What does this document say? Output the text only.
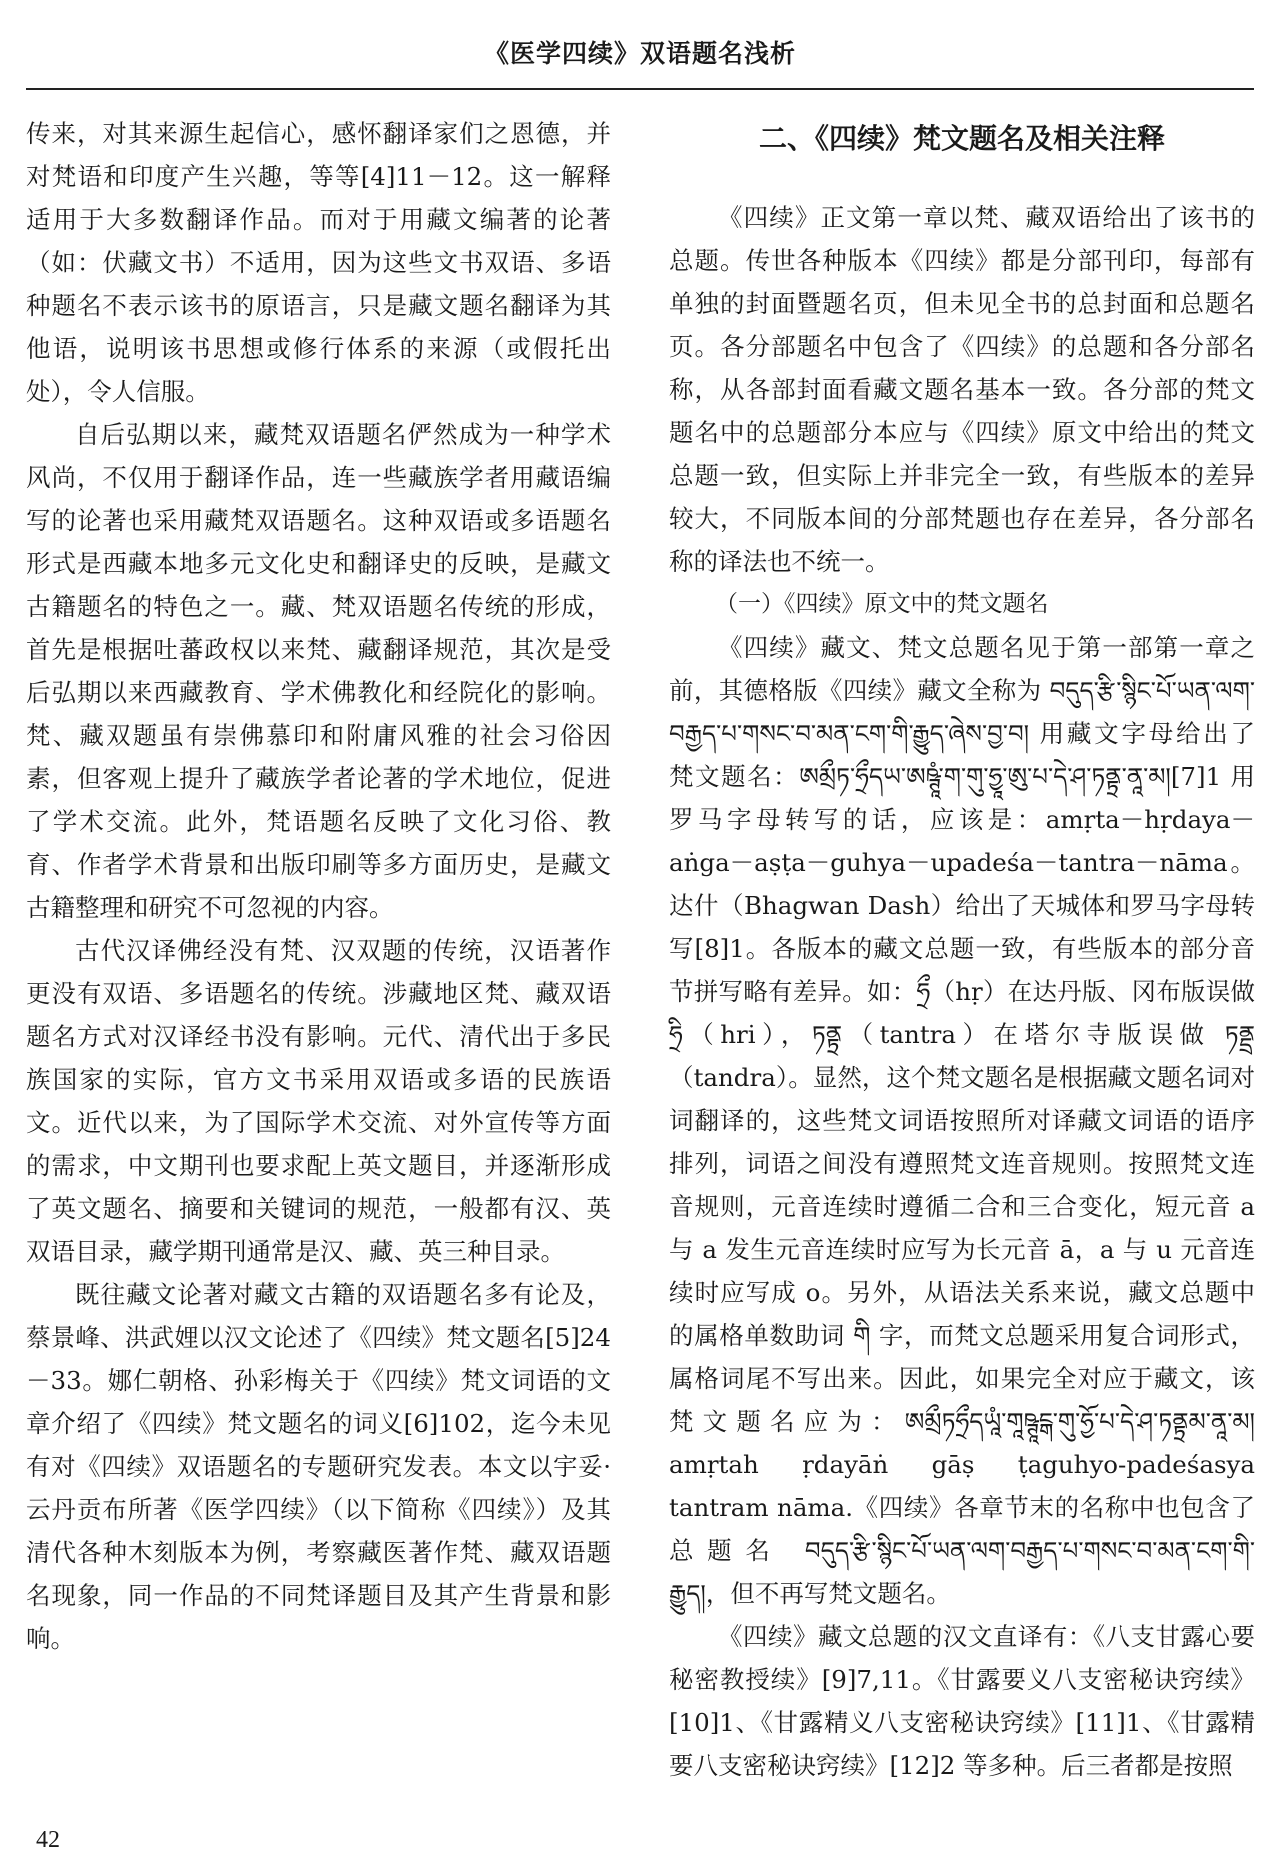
《医学四续》双语题名浅析

传来，对其来源生起信心，感怀翻译家们之恩德，并对梵语和印度产生兴趣，等等[4]11－12。这一解释适用于大多数翻译作品。而对于用藏文编著的论著（如：伏藏文书）不适用，因为这些文书双语、多语种题名不表示该书的原语言，只是藏文题名翻译为其他语，说明该书思想或修行体系的来源（或假托出处），令人信服。

自后弘期以来，藏梵双语题名俨然成为一种学术风尚，不仅用于翻译作品，连一些藏族学者用藏语编写的论著也采用藏梵双语题名。这种双语或多语题名形式是西藏本地多元文化史和翻译史的反映，是藏文古籍题名的特色之一。藏、梵双语题名传统的形成，首先是根据吐蕃政权以来梵、藏翻译规范，其次是受后弘期以来西藏教育、学术佛教化和经院化的影响。梵、藏双题虽有崇佛慕印和附庸风雅的社会习俗因素，但客观上提升了藏族学者论著的学术地位，促进了学术交流。此外，梵语题名反映了文化习俗、教育、作者学术背景和出版印刷等多方面历史，是藏文古籍整理和研究不可忽视的内容。

古代汉译佛经没有梵、汉双题的传统，汉语著作更没有双语、多语题名的传统。涉藏地区梵、藏双语题名方式对汉译经书没有影响。元代、清代出于多民族国家的实际，官方文书采用双语或多语的民族语文。近代以来，为了国际学术交流、对外宣传等方面的需求，中文期刊也要求配上英文题目，并逐渐形成了英文题名、摘要和关键词的规范，一般都有汉、英双语目录，藏学期刊通常是汉、藏、英三种目录。

既往藏文论著对藏文古籍的双语题名多有论及，蔡景峰、洪武娌以汉文论述了《四续》梵文题名[5]24－33。娜仁朝格、孙彩梅关于《四续》梵文词语的文章介绍了《四续》梵文题名的词义[6]102，迄今未见有对《四续》双语题名的专题研究发表。本文以宇妥·云丹贡布所著《医学四续》（以下简称《四续》）及其清代各种木刻版本为例，考察藏医著作梵、藏双语题名现象，同一作品的不同梵译题目及其产生背景和影响。

二、《四续》梵文题名及相关注释

《四续》正文第一章以梵、藏双语给出了该书的总题。传世各种版本《四续》都是分部刊印，每部有单独的封面暨题名页，但未见全书的总封面和总题名页。各分部题名中包含了《四续》的总题和各分部名称，从各部封面看藏文题名基本一致。各分部的梵文题名中的总题部分本应与《四续》原文中给出的梵文总题一致，但实际上并非完全一致，有些版本的差异较大，不同版本间的分部梵题也存在差异，各分部名称的译法也不统一。

（一）《四续》原文中的梵文题名

《四续》藏文、梵文总题名见于第一部第一章之前，其德格版《四续》藏文全称为 བདུད་རྩི་སྙིང་པོ་ཡན་ལག་བརྒྱད་པ་གསང་བ་མན་ངག་གི་རྒྱུད་ཞེས་བྱ་བ། 用藏文字母给出了梵文题名：ཨམྲྀཏ་ཧྲྀདཡ་ཨཥྚཱཾ་ག་གུ་ཧྱཱ་ཨུ་པ་དེ་ཤ་ཏནྟྲ་ནཱ་མ།[7]1 用罗马字母转写的话，应该是：amṛta－hṛdaya－aṅga－aṣṭa－guhya－upadeśa－tantra－nāma。达什（Bhagwan Dash）给出了天城体和罗马字母转写[8]1。各版本的藏文总题一致，有些版本的部分音节拼写略有差异。如：ཧྲྀ（hṛ）在达丹版、冈布版误做 ཧྲི（hri），ཏནྟྲ（tantra）在塔尔寺版误做 ཏནྡྲ（tandra）。显然，这个梵文题名是根据藏文题名词对词翻译的，这些梵文词语按照所对译藏文词语的语序排列，词语之间没有遵照梵文连音规则。按照梵文连音规则，元音连续时遵循二合和三合变化，短元音 a 与 a 发生元音连续时应写为长元音 ā，a 与 u 元音连续时应写成 o。另外，从语法关系来说，藏文总题中的属格单数助词 གི 字，而梵文总题采用复合词形式，属格词尾不写出来。因此，如果完全对应于藏文，该梵文题名应为：ཨམྲྀཏཧྲྀདཡཱཾ་གཱཥྚཱངྒ་གུ་ཧྱོ་པ་དེ་ཤ་ཏནྟྲམ་ནཱ་མ། amṛtah ṛdayāṅ gāṣ ṭaguhyo-padeśasya tantram nāma.《四续》各章节末的名称中也包含了总题名 བདུད་རྩི་སྙིང་པོ་ཡན་ལག་བརྒྱད་པ་གསང་བ་མན་ངག་གི་རྒྱུད།，但不再写梵文题名。

《四续》藏文总题的汉文直译有：《八支甘露心要秘密教授续》[9]7,11。《甘露要义八支密秘诀窍续》[10]1、《甘露精义八支密秘诀窍续》[11]1、《甘露精要八支密秘诀窍续》[12]2 等多种。后三者都是按照

42
